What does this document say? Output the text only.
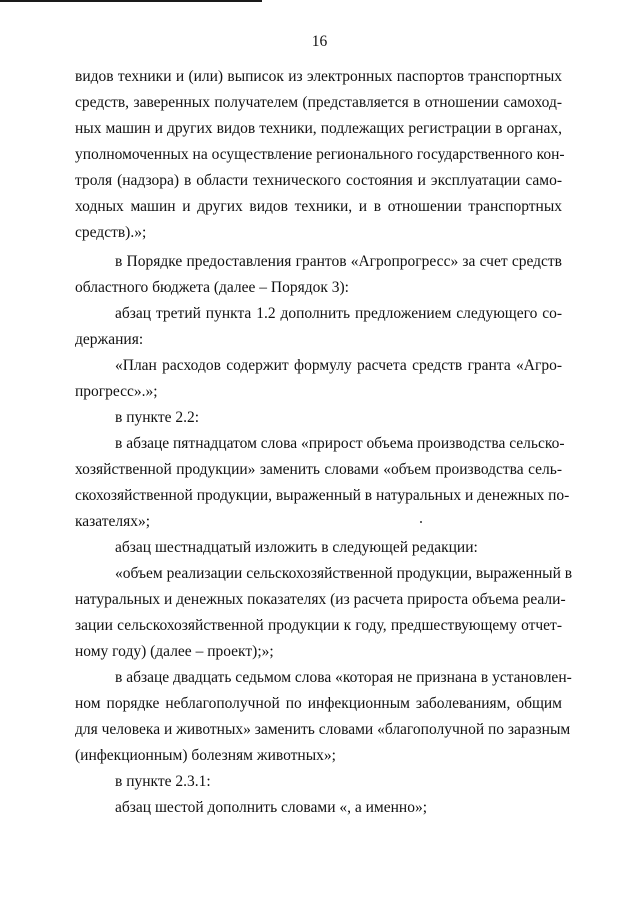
16
видов техники и (или) выписок из электронных паспортов транспортных
средств, заверенных получателем (представляется в отношении самоход-
ных машин и других видов техники, подлежащих регистрации в органах,
уполномоченных на осуществление регионального государственного кон-
троля (надзора) в области технического состояния и эксплуатации само-
ходных машин и других видов техники, и в отношении транспортных
средств).»;
в Порядке предоставления грантов «Агропрогресс» за счет средств
областного бюджета (далее – Порядок 3):
абзац третий пункта 1.2 дополнить предложением следующего со-
держания:
«План расходов содержит формулу расчета средств гранта «Агро-
прогресс».»;
в пункте 2.2:
в абзаце пятнадцатом слова «прирост объема производства сельско-
хозяйственной продукции» заменить словами «объем производства сель-
скохозяйственной продукции, выраженный в натуральных и денежных по-
казателях»;
абзац шестнадцатый изложить в следующей редакции:
«объем реализации сельскохозяйственной продукции, выраженный в
натуральных и денежных показателях (из расчета прироста объема реали-
зации сельскохозяйственной продукции к году, предшествующему отчет-
ному году) (далее – проект);»;
в абзаце двадцать седьмом слова «которая не признана в установлен-
ном порядке неблагополучной по инфекционным заболеваниям, общим
для человека и животных» заменить словами «благополучной по заразным
(инфекционным) болезням животных»;
в пункте 2.3.1:
абзац шестой дополнить словами «, а именно»;
